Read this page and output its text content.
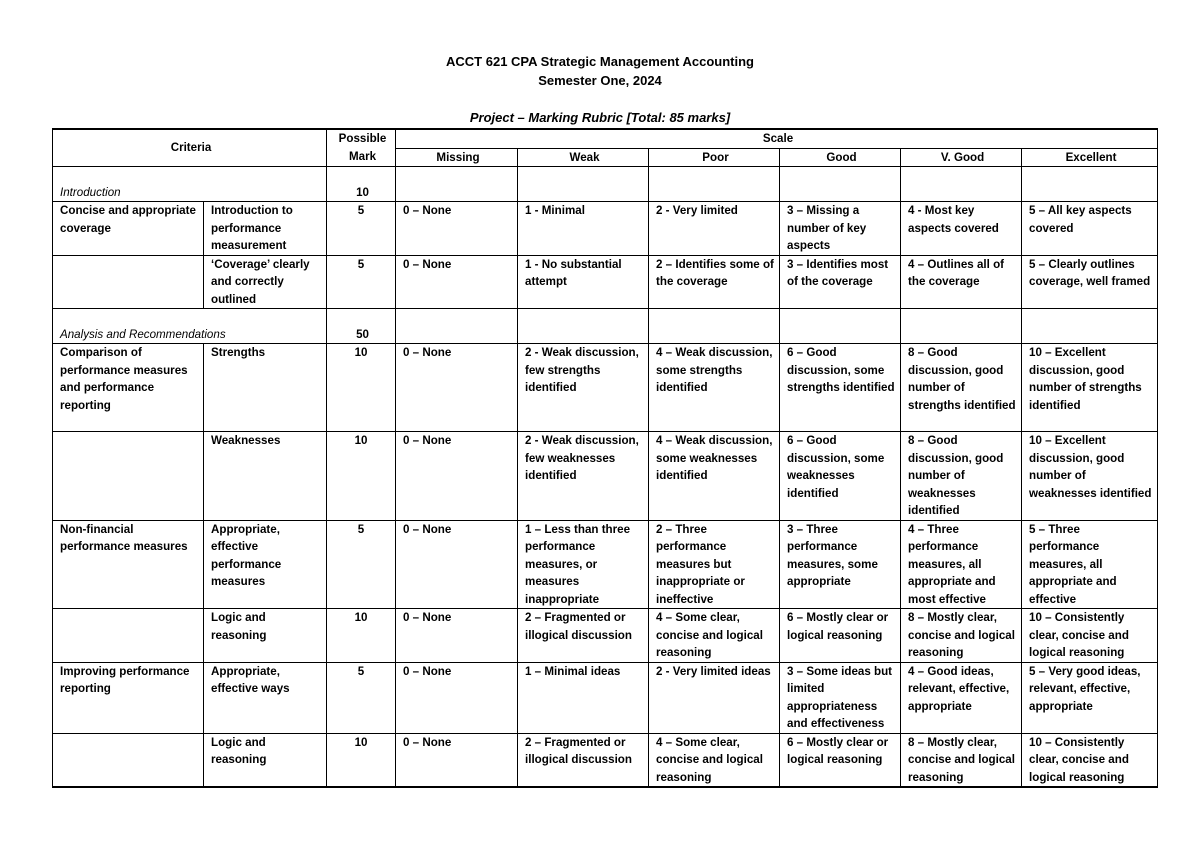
ACCT 621 CPA Strategic Management Accounting
Semester One, 2024
Project – Marking Rubric [Total: 85 marks]
Criteria		Possible	Scale					
		Mark	Missing	Weak	Poor	Good	V. Good	Excellent
Introduction		10						
Concise and appropriate coverage	Introduction to performance measurement	5	0 – None	1 - Minimal	2 - Very limited	3 – Missing a number of key aspects	4 - Most key aspects covered	5 – All key aspects covered
	‘Coverage’ clearly and correctly outlined	5	0 – None	1 - No substantial attempt	2 – Identifies some of the coverage	3 – Identifies most of the coverage	4 – Outlines all of the coverage	5 – Clearly outlines coverage, well framed
Analysis and Recommendations		50						
Comparison of performance measures and performance reporting	Strengths	10	0 – None	2 - Weak discussion, few strengths identified	4 – Weak discussion, some strengths identified	6 – Good discussion, some strengths identified	8 – Good discussion, good number of strengths identified	10 – Excellent discussion, good number of strengths identified
	Weaknesses	10	0 – None	2 - Weak discussion, few weaknesses identified	4 – Weak discussion, some weaknesses identified	6 – Good discussion, some weaknesses identified	8 – Good discussion, good number of weaknesses identified	10 – Excellent discussion, good number of weaknesses identified
Non-financial performance measures	Appropriate, effective performance measures	5	0 – None	1 – Less than three performance measures, or measures inappropriate	2 – Three performance measures but inappropriate or ineffective	3 – Three performance measures, some appropriate	4 – Three performance measures, all appropriate and most effective	5 – Three performance measures, all appropriate and effective
	Logic and reasoning	10	0 – None	2 – Fragmented or illogical discussion	4 – Some clear, concise and logical reasoning	6 – Mostly clear or logical reasoning	8 – Mostly clear, concise and logical reasoning	10 – Consistently clear, concise and logical reasoning
Improving performance reporting	Appropriate, effective ways	5	0 – None	1 – Minimal ideas	2 - Very limited ideas	3 – Some ideas but limited appropriateness and effectiveness	4 – Good ideas, relevant, effective, appropriate	5 – Very good ideas, relevant, effective, appropriate
	Logic and reasoning	10	0 – None	2 – Fragmented or illogical discussion	4 – Some clear, concise and logical reasoning	6 – Mostly clear or logical reasoning	8 – Mostly clear, concise and logical reasoning	10 – Consistently clear, concise and logical reasoning
